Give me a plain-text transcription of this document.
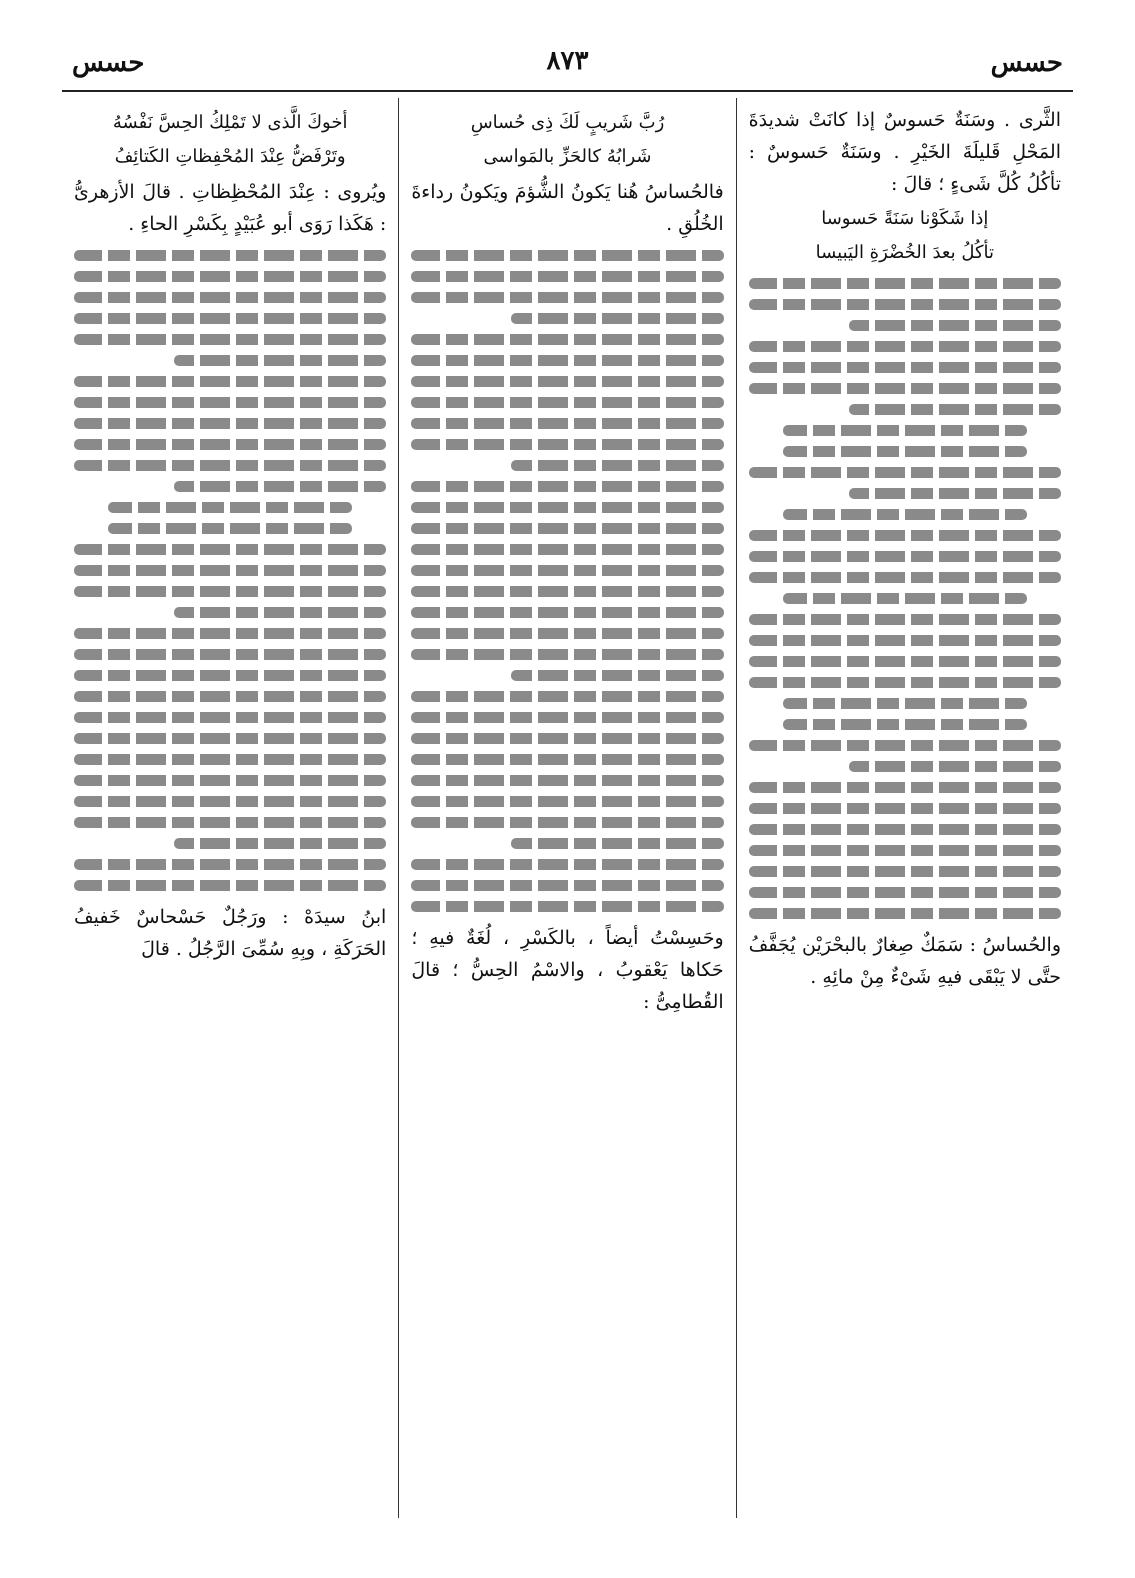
حسس
٨٧٣
حسس

الثَّرى . وسَنَةٌ حَسوسٌ إذا كانَتْ شديدَةَ المَحْلِ قَليلَةَ الخَيْرِ . وسَنَةٌ حَسوسٌ : تأكُلُ كُلَّ شَىءٍ ؛ قالَ :

إذا شَكَوْنا سَنَةً حَسوسا
تأكُلُ بعدَ الخُضْرَةِ اليَبيسا

والحُساسُ : سَمَكٌ صِغارٌ بالبحْرَيْن يُجَفَّفُ حتَّى لا يَبْقَى فيهِ شَىْءٌ مِنْ مائِهِ .

رُبَّ شَريبٍ لَكَ ذِى حُساسِ
شَرابُهُ كالحَزِّ بالمَواسى

فالحُساسُ هُنا يَكونُ الشُّؤمَ ويَكونُ رداءةَ الخُلُقِ .

وحَسِسْتُ أيضاً ، بالكَسْرِ ، لُغَةٌ فيهِ ؛ حَكاها يَعْقوبُ ، والاسْمُ الحِسُّ ؛ قالَ القُطامِىُّ :

أخوكَ الَّذى لا تَمْلِكُ الحِسَّ نَفْسُهُ
وتَرْفَضُّ عِنْدَ المُحْفِظاتِ الكَتائِفُ

ويُروى : عِنْدَ المُحْظِظاتِ . قالَ الأزهرىُّ : هَكَذا رَوَى أبو عُبَيْدٍ بِكَسْرِ الحاءِ .

ابنُ سيدَهْ : ورَجُلٌ حَسْحاسٌ خَفيفُ الحَرَكَةِ ، وبِهِ سُمِّىَ الرَّجُلُ . قالَ
